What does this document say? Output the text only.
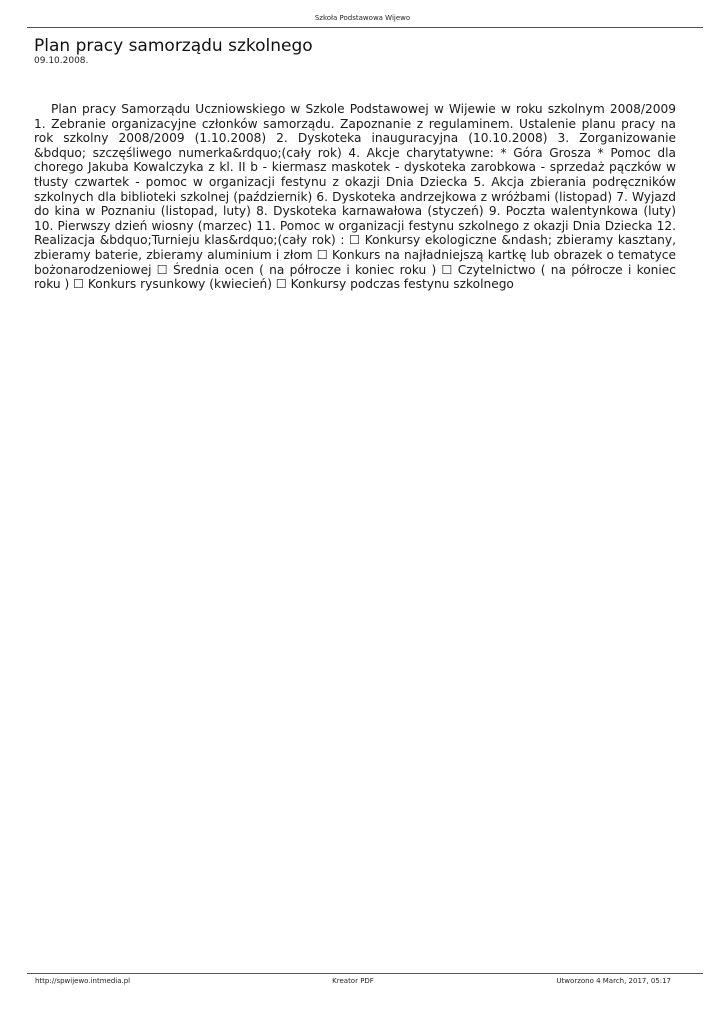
Szkoła Podstawowa Wijewo
Plan pracy samorządu szkolnego
09.10.2008.

Plan pracy Samorządu Uczniowskiego w Szkole Podstawowej w Wijewie w roku szkolnym 2008/2009 1. Zebranie organizacyjne członków samorządu. Zapoznanie z regulaminem. Ustalenie planu pracy na rok szkolny 2008/2009 (1.10.2008) 2. Dyskoteka inauguracyjna (10.10.2008) 3. Zorganizowanie &bdquo; szczęśliwego numerka&rdquo;(cały rok) 4. Akcje charytatywne: * Góra Grosza * Pomoc dla chorego Jakuba Kowalczyka z kl. II b - kiermasz maskotek - dyskoteka zarobkowa - sprzedaż pączków w tłusty czwartek - pomoc w organizacji festynu z okazji Dnia Dziecka 5. Akcja zbierania podręczników szkolnych dla biblioteki szkolnej (październik) 6. Dyskoteka andrzejkowa z wróżbami (listopad) 7. Wyjazd do kina w Poznaniu (listopad, luty) 8. Dyskoteka karnawałowa (styczeń) 9. Poczta walentynkowa (luty) 10. Pierwszy dzień wiosny (marzec) 11. Pomoc w organizacji festynu szkolnego z okazji Dnia Dziecka 12. Realizacja &bdquo;Turnieju klas&rdquo;(cały rok) : ☐ Konkursy ekologiczne &ndash; zbieramy kasztany, zbieramy baterie, zbieramy aluminium i złom ☐ Konkurs na najładniejszą kartkę lub obrazek o tematyce bożonarodzeniowej ☐ Średnia ocen ( na półrocze i koniec roku ) ☐ Czytelnictwo ( na półrocze i koniec roku ) ☐ Konkurs rysunkowy (kwiecień) ☐ Konkursy podczas festynu szkolnego

http://spwijewo.intmedia.pl	Kreator PDF	Utworzono 4 March, 2017, 05:17
